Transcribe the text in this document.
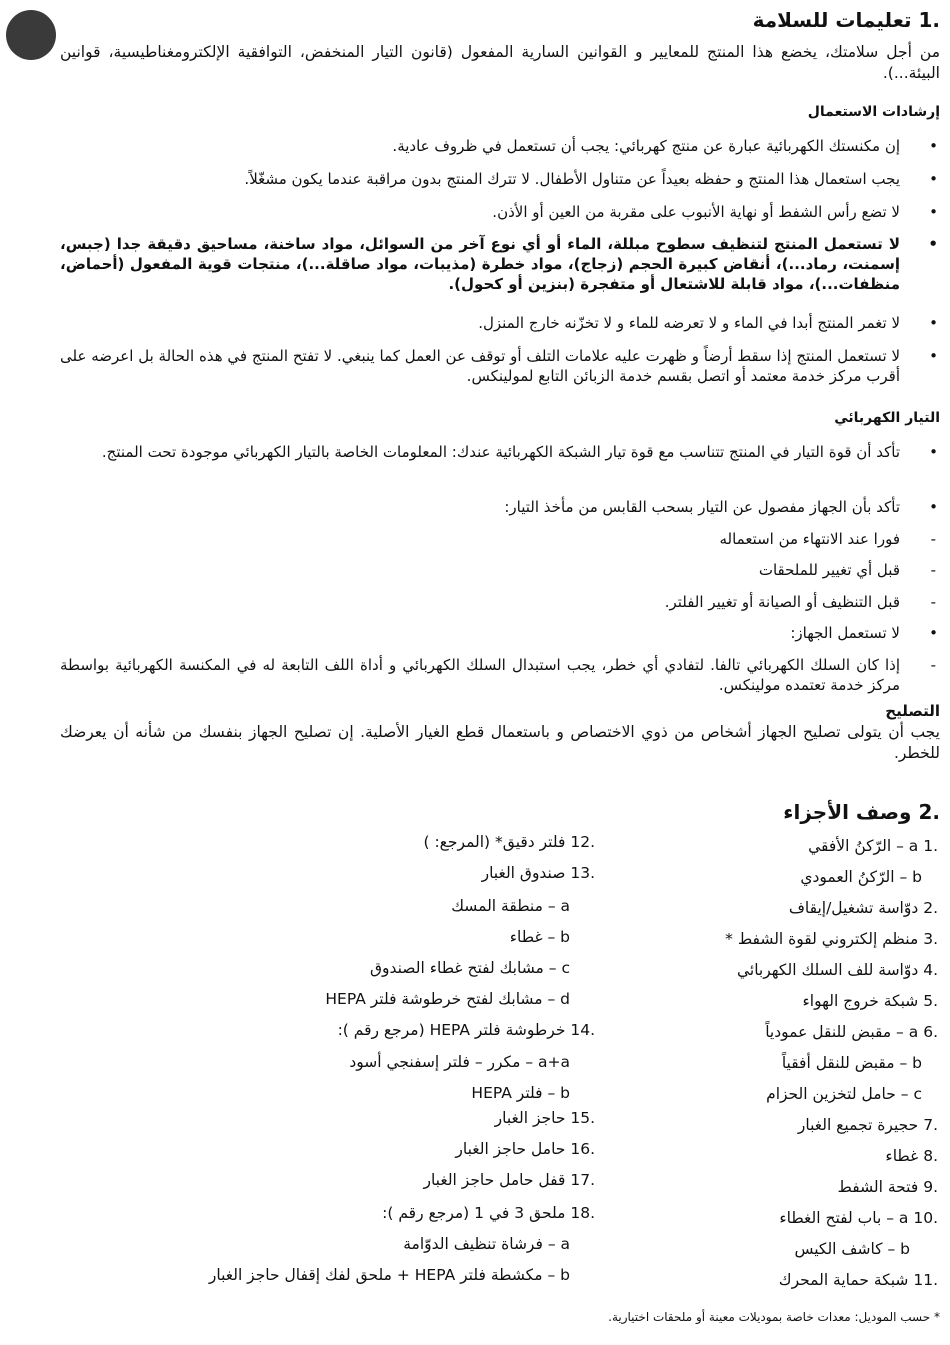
.1 تعليمات للسلامة
من أجل سلامتك، يخضع هذا المنتج للمعايير و القوانين السارية المفعول (قانون التيار المنخفض، التوافقية الإلكترومغناطيسية، قوانين البيئة...).
إرشادات الاستعمال
•
إن مكنستك الكهربائية عبارة عن منتج كهربائي: يجب أن تستعمل في ظروف عادية.
•
يجب استعمال هذا المنتج و حفظه بعيداً عن متناول الأطفال. لا تترك المنتج بدون مراقبة عندما يكون مشغّلاً.
•
لا تضع رأس الشفط أو نهاية الأنبوب على مقربة من العين أو الأذن.
•
لا تستعمل المنتج لتنظيف سطوح مبللة، الماء أو أي نوع آخر من السوائل، مواد ساخنة، مساحيق دقيقة جدا (جبس، إسمنت، رماد...)، أنقاض كبيرة الحجم (زجاج)، مواد خطرة (مذيبات، مواد صاقلة...)، منتجات قوية المفعول (أحماض، منظفات...)، مواد قابلة للاشتعال أو متفجرة (بنزين أو كحول).
•
لا تغمر المنتج أبدا في الماء و لا تعرضه للماء و لا تخزّنه خارج المنزل.
•
لا تستعمل المنتج إذا سقط أرضاً و ظهرت عليه علامات التلف أو توقف عن العمل كما ينبغي. لا تفتح المنتج في هذه الحالة بل اعرضه على أقرب مركز خدمة معتمد أو اتصل بقسم خدمة الزبائن التابع لمولينكس.
التيار الكهربائي
•
تأكد أن قوة التيار في المنتج تتناسب مع قوة تيار الشبكة الكهربائية عندك: المعلومات الخاصة بالتيار الكهربائي موجودة تحت المنتج.
•
تأكد بأن الجهاز مفصول عن التيار بسحب القابس من مأخذ التيار:
-
فورا عند الانتهاء من استعماله
-
قبل أي تغيير للملحقات
-
قبل التنظيف أو الصيانة أو تغيير الفلتر.
•
لا تستعمل الجهاز:
-
إذا كان السلك الكهربائي تالفا. لتفادي أي خطر، يجب استبدال السلك الكهربائي و أداة اللف التابعة له في المكنسة الكهربائية بواسطة مركز خدمة تعتمده مولينكس.
التصليح
يجب أن يتولى تصليح الجهاز أشخاص من ذوي الاختصاص و باستعمال قطع الغيار الأصلية. إن تصليح الجهاز بنفسك من شأنه أن يعرضك للخطر.
.2 وصف الأجزاء
.1 a – الرّكنُ الأفقي
b – الرّكنُ العمودي
.2 دوّاسة تشغيل/إيقاف
.3 منظم إلكتروني لقوة الشفط *
.4 دوّاسة للف السلك الكهربائي
.5 شبكة خروج الهواء
.6 a – مقبض للنقل عمودياً
b – مقبض للنقل أفقياً
c – حامل لتخزين الحزام
.7 حجيرة تجميع الغبار
.8 غطاء
.9 فتحة الشفط
.10 a – باب لفتح الغطاء
b – كاشف الكيس
.11 شبكة حماية المحرك
.12 فلتر دقيق* (المرجع: )
.13 صندوق الغبار
a – منطقة المسك
b – غطاء
c – مشابك لفتح غطاء الصندوق
d – مشابك لفتح خرطوشة فلتر HEPA
.14 خرطوشة فلتر HEPA (مرجع رقم ):
a+a – مكرر – فلتر إسفنجي أسود
b – فلتر HEPA
.15 حاجز الغبار
.16 حامل حاجز الغبار
.17 قفل حامل حاجز الغبار
.18 ملحق 3 في 1 (مرجع رقم ):
a – فرشاة تنظيف الدوّامة
b – مكشطة فلتر HEPA + ملحق لفك إقفال حاجز الغبار
* حسب الموديل: معدات خاصة بموديلات معينة أو ملحقات اختيارية.
